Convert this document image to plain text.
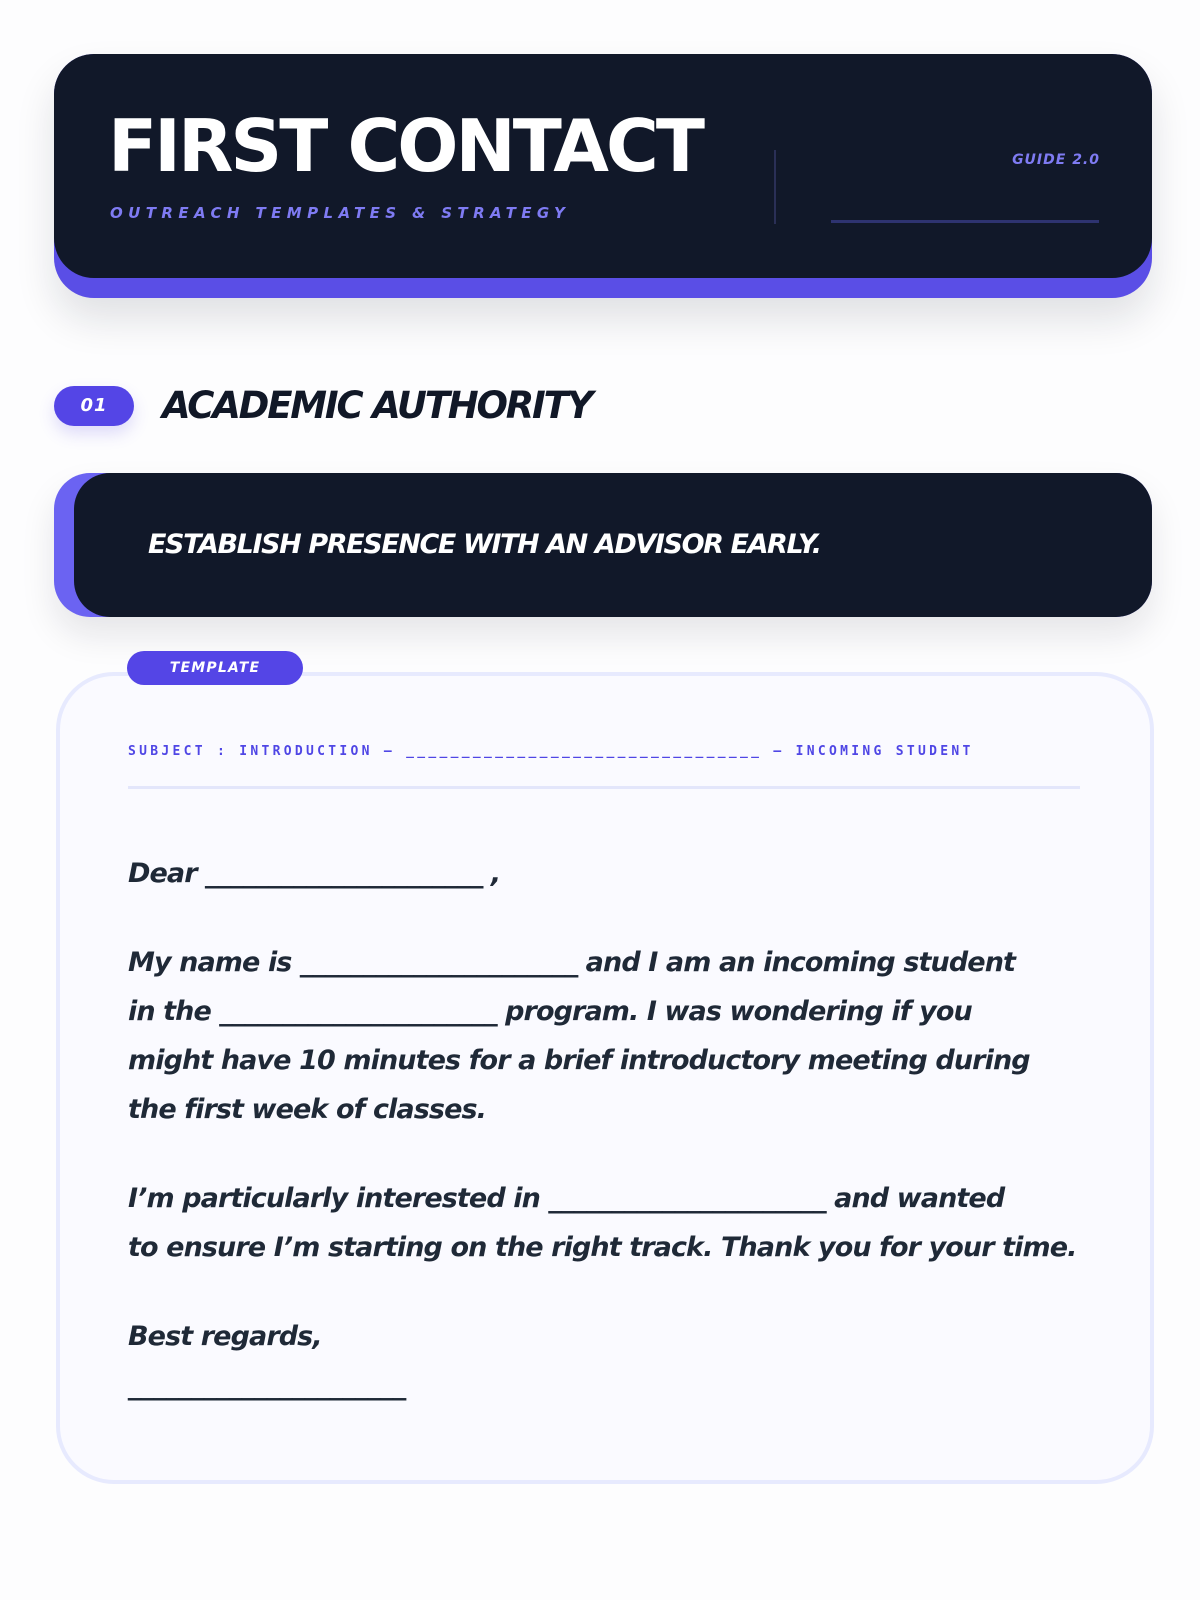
FIRST CONTACT
OUTREACH TEMPLATES & STRATEGY
GUIDE 2.0
01	ACADEMIC AUTHORITY
ESTABLISH PRESENCE WITH AN ADVISOR EARLY.
TEMPLATE
SUBJECT : INTRODUCTION — ________________________________ — INCOMING STUDENT

Dear ______________________ ,

My name is ______________________ and I am an incoming student

in the ______________________ program. I was wondering if you

might have 10 minutes for a brief introductory meeting during

the first week of classes.

I’m particularly interested in ______________________ and wanted

to ensure I’m starting on the right track. Thank you for your time.

Best regards,

______________________
